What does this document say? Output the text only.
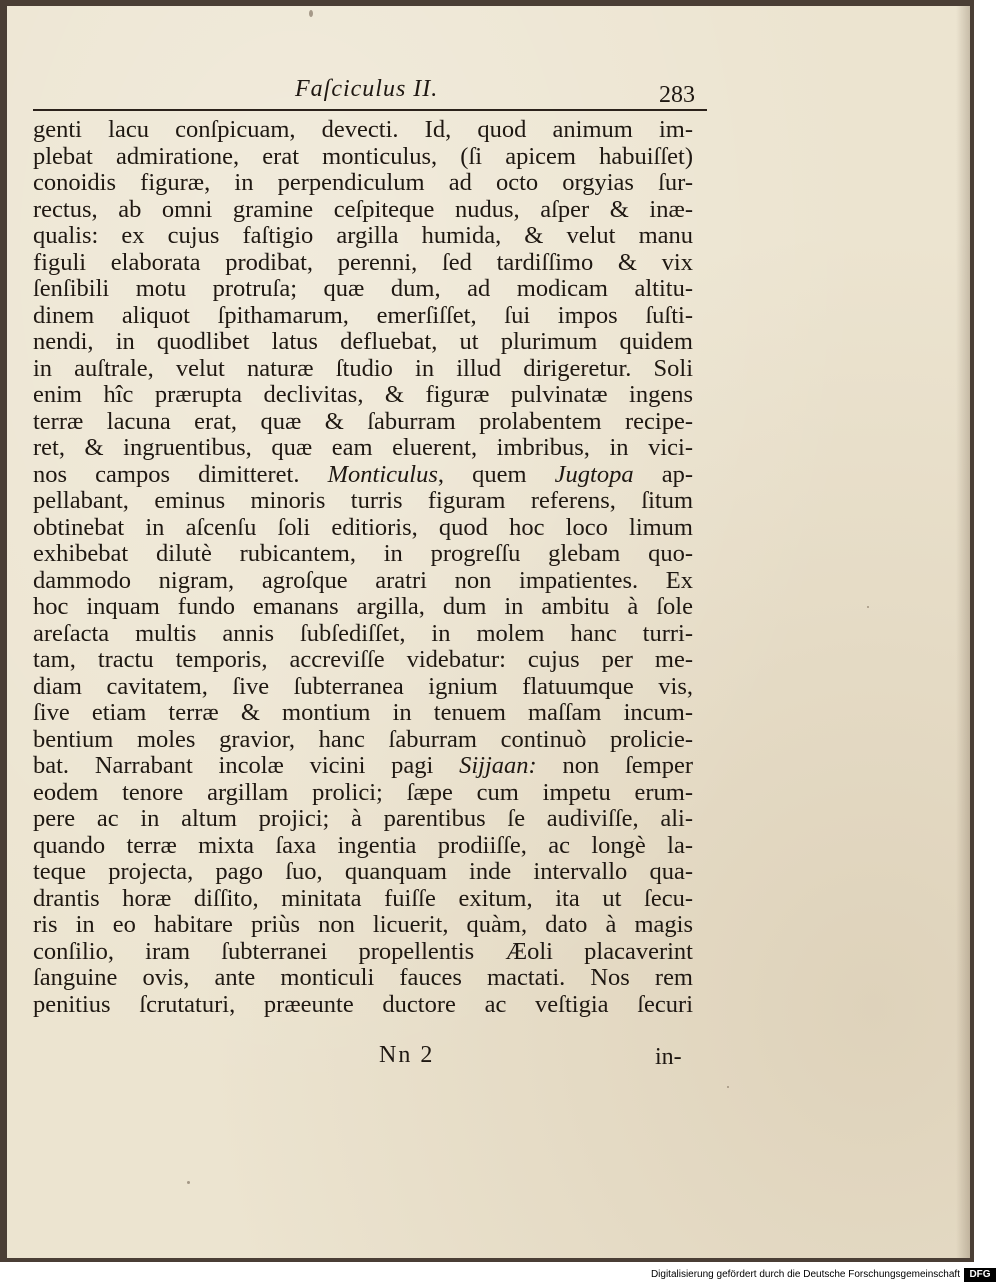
Faſciculus II.	283
genti lacu conſpicuam, devecti. Id, quod animum im-
plebat admiratione, erat monticulus, (ſi apicem habuiſſet)
conoidis figuræ, in perpendiculum ad octo orgyias ſur-
rectus, ab omni gramine ceſpiteque nudus, aſper & inæ-
qualis: ex cujus faſtigio argilla humida, & velut manu
figuli elaborata prodibat, perenni, ſed tardiſſimo & vix
ſenſibili motu protruſa; quæ dum, ad modicam altitu-
dinem aliquot ſpithamarum, emerſiſſet, ſui impos ſuſti-
nendi, in quodlibet latus defluebat, ut plurimum quidem
in auſtrale, velut naturæ ſtudio in illud dirigeretur. Soli
enim hîc prærupta declivitas, & figuræ pulvinatæ ingens
terræ lacuna erat, quæ & ſaburram prolabentem recipe-
ret, & ingruentibus, quæ eam eluerent, imbribus, in vici-
nos campos dimitteret. Monticulus, quem Jugtopa ap-
pellabant, eminus minoris turris figuram referens, ſitum
obtinebat in aſcenſu ſoli editioris, quod hoc loco limum
exhibebat dilutè rubicantem, in progreſſu glebam quo-
dammodo nigram, agroſque aratri non impatientes. Ex
hoc inquam fundo emanans argilla, dum in ambitu à ſole
areſacta multis annis ſubſediſſet, in molem hanc turri-
tam, tractu temporis, accreviſſe videbatur: cujus per me-
diam cavitatem, ſive ſubterranea ignium flatuumque vis,
ſive etiam terræ & montium in tenuem maſſam incum-
bentium moles gravior, hanc ſaburram continuò prolicie-
bat. Narrabant incolæ vicini pagi Sijjaan: non ſemper
eodem tenore argillam prolici; ſæpe cum impetu erum-
pere ac in altum projici; à parentibus ſe audiviſſe, ali-
quando terræ mixta ſaxa ingentia prodiiſſe, ac longè la-
teque projecta, pago ſuo, quanquam inde intervallo qua-
drantis horæ diſſito, minitata fuiſſe exitum, ita ut ſecu-
ris in eo habitare priùs non licuerit, quàm, dato à magis
conſilio, iram ſubterranei propellentis Æoli placaverint
ſanguine ovis, ante monticuli fauces mactati. Nos rem
penitius ſcrutaturi, præeunte ductore ac veſtigia ſecuri
Nn 2	in-
Digitalisierung gefördert durch die Deutsche Forschungsgemeinschaft DFG
